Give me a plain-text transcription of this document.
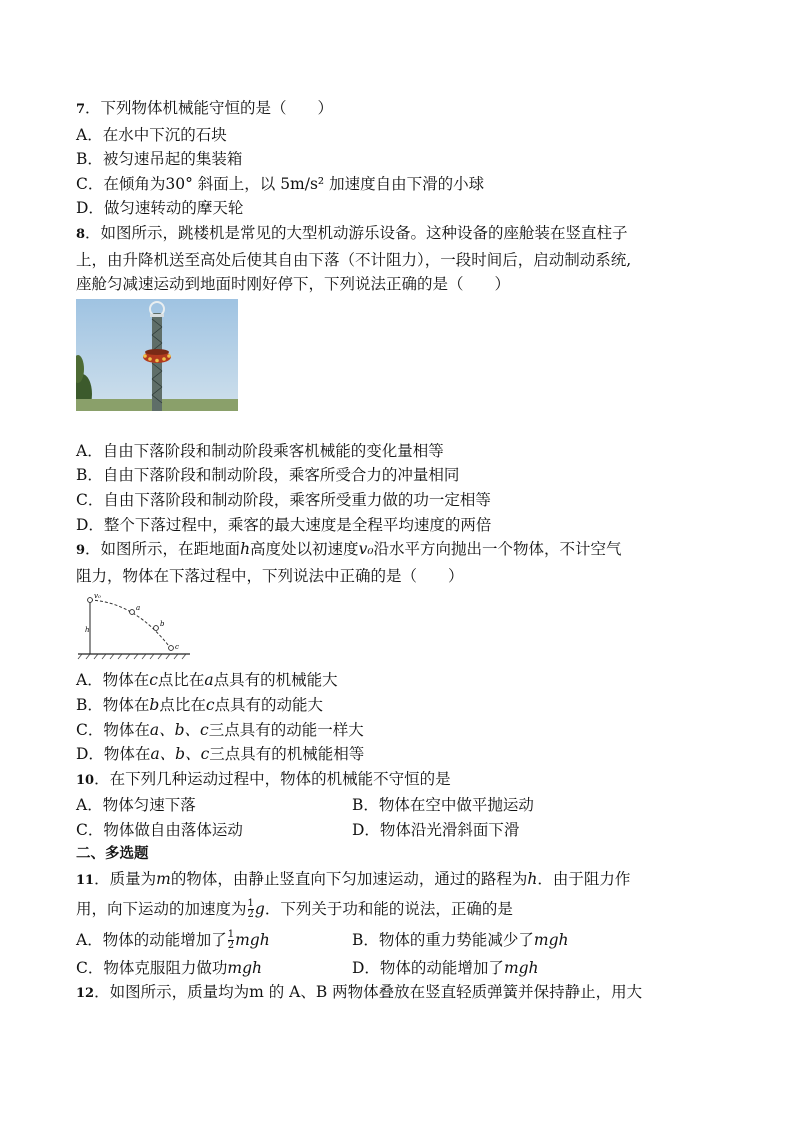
7．下列物体机械能守恒的是（　　）
A．在水中下沉的石块
B．被匀速吊起的集装箱
C．在倾角为30° 斜面上，以 5m/s² 加速度自由下滑的小球
D．做匀速转动的摩天轮
8．如图所示，跳楼机是常见的大型机动游乐设备。这种设备的座舱装在竖直柱子
上，由升降机送至高处后使其自由下落（不计阻力），一段时间后，启动制动系统,
座舱匀减速运动到地面时刚好停下，下列说法正确的是（　　）
A．自由下落阶段和制动阶段乘客机械能的变化量相等
B．自由下落阶段和制动阶段，乘客所受合力的冲量相同
C．自由下落阶段和制动阶段，乘客所受重力做的功一定相等
D．整个下落过程中，乘客的最大速度是全程平均速度的两倍
9．如图所示，在距地面h高度处以初速度v₀沿水平方向抛出一个物体，不计空气
阻力，物体在下落过程中，下列说法中正确的是（　　）
v₀
h
a
b
c
A．物体在c点比在a点具有的机械能大
B．物体在b点比在c点具有的动能大
C．物体在a、b、c三点具有的动能一样大
D．物体在a、b、c三点具有的机械能相等
10．在下列几种运动过程中，物体的机械能不守恒的是
A．物体匀速下落	B．物体在空中做平抛运动
C．物体做自由落体运动	D．物体沿光滑斜面下滑
二、多选题
11．质量为m的物体，由静止竖直向下匀加速运动，通过的路程为h．由于阻力作
用，向下运动的加速度为 $\frac{1}{2}$ g．下列关于功和能的说法，正确的是
A．物体的动能增加了 $\frac{1}{2}$ mgh	B．物体的重力势能减少了mgh
C．物体克服阻力做功mgh	D．物体的动能增加了mgh
12．如图所示，质量均为m 的 A、B 两物体叠放在竖直轻质弹簧并保持静止，用大
